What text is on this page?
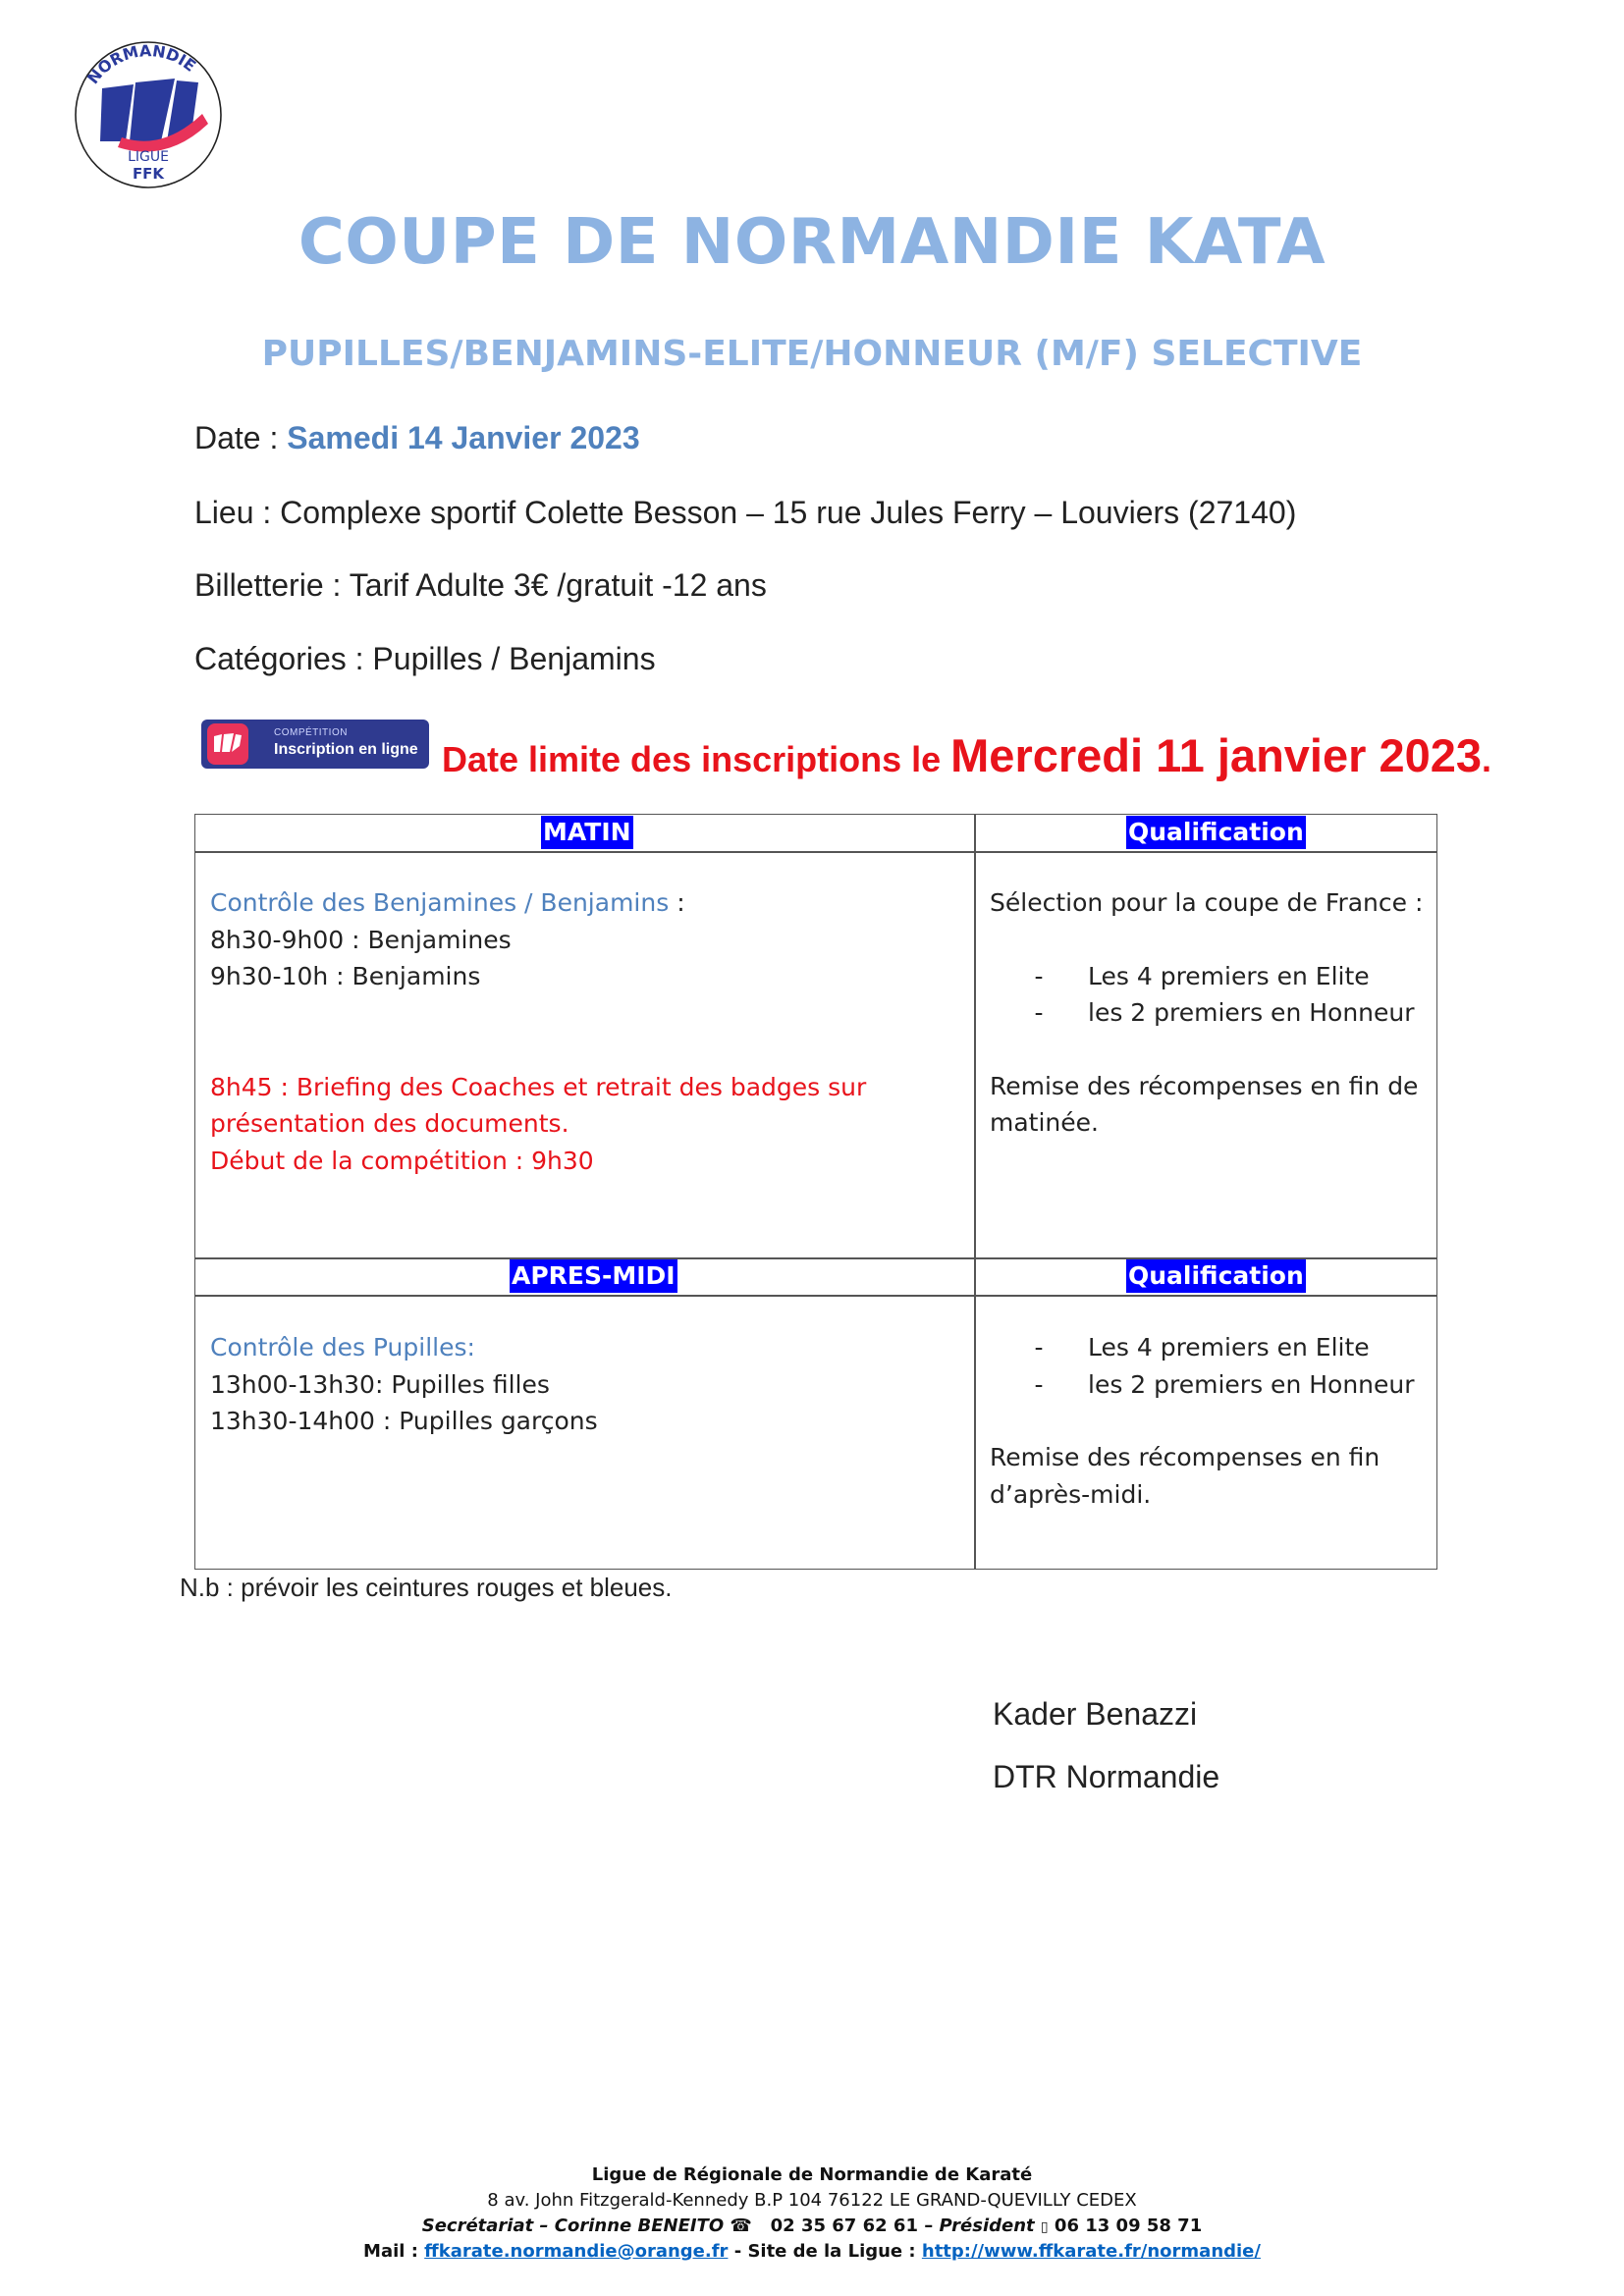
NORMANDIE
LIGUE
FFK
COUPE DE NORMANDIE KATA
PUPILLES/BENJAMINS-ELITE/HONNEUR (M/F) SELECTIVE
Date : Samedi 14 Janvier 2023
Lieu : Complexe sportif Colette Besson – 15 rue Jules Ferry – Louviers (27140)
Billetterie : Tarif Adulte 3€ /gratuit -12 ans
Catégories : Pupilles / Benjamins
COMPÉTITION
Inscription en ligne Date limite des inscriptions le Mercredi 11 janvier 2023.
MATIN	Qualification
Contrôle des Benjamines / Benjamins :
8h30-9h00 : Benjamines
9h30-10h : Benjamins
8h45 : Briefing des Coaches et retrait des badges sur
présentation des documents.
Début de la compétition : 9h30
Sélection pour la coupe de France :
- Les 4 premiers en Elite
- les 2 premiers en Honneur
Remise des récompenses en fin de
matinée.
APRES-MIDI	Qualification
Contrôle des Pupilles:
13h00-13h30: Pupilles filles
13h30-14h00 : Pupilles garçons
- Les 4 premiers en Elite
- les 2 premiers en Honneur
Remise des récompenses en fin
d’après-midi.
N.b : prévoir les ceintures rouges et bleues.
Kader Benazzi
DTR Normandie
Ligue de Régionale de Normandie de Karaté
8 av. John Fitzgerald-Kennedy B.P 104 76122 LE GRAND-QUEVILLY CEDEX
Secrétariat – Corinne BENEITO ☎ 02 35 67 62 61 – Président ▯ 06 13 09 58 71
Mail : ffkarate.normandie@orange.fr - Site de la Ligue : http://www.ffkarate.fr/normandie/
